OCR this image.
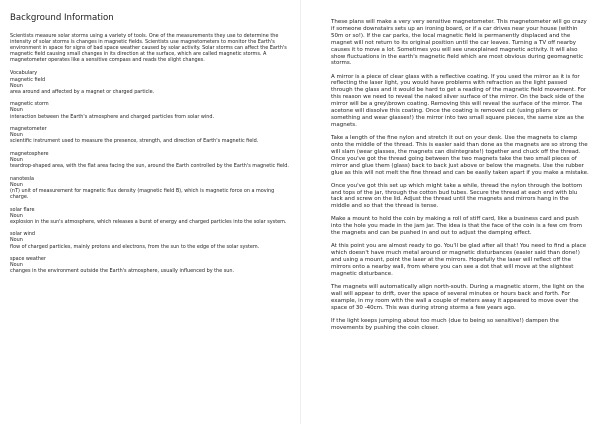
Background Information

Scientists measure solar storms using a variety of tools. One of the measurements they use to determine the intensity of solar storms is changes in magnetic fields. Scientists use magnetometers to monitor the Earth's environment in space for signs of bad space weather caused by solar activity. Solar storms can affect the Earth's magnetic field causing small changes in its direction at the surface, which are called magnetic storms. A magnetometer operates like a sensitive compass and reads the slight changes.

Vocabulary
magnetic field
Noun
area around and affected by a magnet or charged particle.
magnetic storm
Noun
interaction between the Earth's atmosphere and charged particles from solar wind.
magnetometer
Noun
scientific instrument used to measure the presence, strength, and direction of Earth's magnetic field.
magnetosphere
Noun
teardrop-shaped area, with the flat area facing the sun, around the Earth controlled by the Earth's magnetic field.
nanotesla
Noun
(nT) unit of measurement for magnetic flux density (magnetic field B), which is magnetic force on a moving charge.
solar flare
Noun
explosion in the sun's atmosphere, which releases a burst of energy and charged particles into the solar system.
solar wind
Noun
flow of charged particles, mainly protons and electrons, from the sun to the edge of the solar system.
space weather
Noun
changes in the environment outside the Earth's atmosphere, usually influenced by the sun.

These plans will make a very very sensitive magnetometer. This magnetometer will go crazy if someone downstairs sets up an ironing board, or if a car drives near your house (within 50m or so!). If the car parks, the local magnetic field is permanently displaced and the magnet will not return to its original position until the car leaves. Turning a TV off nearby causes it to move a lot. Sometimes you will see unexplained magnetic activity. It will also show fluctuations in the earth's magnetic field which are most obvious during geomagnetic storms.

A mirror is a piece of clear glass with a reflective coating. If you used the mirror as it is for reflecting the laser light, you would have problems with refraction as the light passed through the glass and it would be hard to get a reading of the magnetic field movement. For this reason we need to reveal the naked silver surface of the mirror. On the back side of the mirror will be a grey\brown coating. Removing this will reveal the surface of the mirror. The acetone will dissolve this coating. Once the coating is removed cut (using pliers or something and wear glasses!) the mirror into two small square pieces, the same size as the magnets.

Take a length of the fine nylon and stretch it out on your desk. Use the magnets to clamp onto the middle of the thread. This is easier said than done as the magnets are so strong the will slam (wear glasses, the magnets can disintegrate!) together and chuck off the thread. Once you've got the thread going between the two magnets take the two small pieces of mirror and glue them (glass) back to back just above or below the magnets. Use the rubber glue as this will not melt the fine thread and can be easily taken apart if you make a mistake.

Once you've got this set up which might take a while, thread the nylon through the bottom and tops of the jar, through the cotton bud tubes. Secure the thread at each end with blu tack and screw on the lid. Adjust the thread until the magnets and mirrors hang in the middle and so that the thread is tense.

Make a mount to hold the coin by making a roll of stiff card, like a business card and push into the hole you made in the jam jar. The idea is that the face of the coin is a few cm from the magnets and can be pushed in and out to adjust the damping effect.

At this point you are almost ready to go. You'll be glad after all that! You need to find a place which doesn't have much metal around or magnetic disturbances (easier said than done!) and using a mount, point the laser at the mirrors. Hopefully the laser will reflect off the mirrors onto a nearby wall, from where you can see a dot that will move at the slightest magnetic disturbance.

The magnets will automatically align north-south. During a magnetic storm, the light on the wall will appear to drift, over the space of several minutes or hours back and forth. For example, in my room with the wall a couple of meters away it appeared to move over the space of 30 -40cm. This was during strong storms a few years ago.

If the light keeps jumping about too much (due to being so sensitive!) dampen the movements by pushing the coin closer.
